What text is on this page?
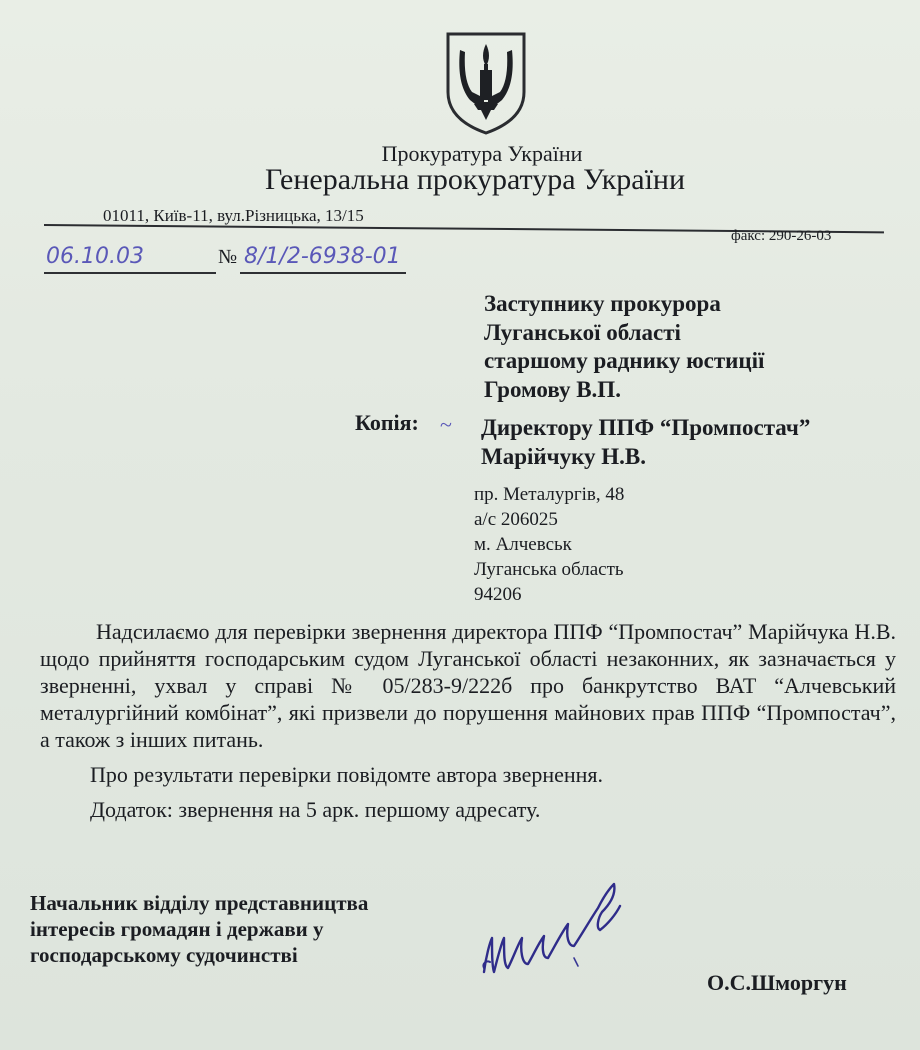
Прокуратура України
Генеральна прокуратура України
01011, Київ-11, вул.Різницька, 13/15
факс: 290-26-03
06.10.03	№ 8/1/2-6938-01
Заступнику прокурора
Луганської області
старшому раднику юстиції
Громову В.П.
Копія: ~ Директору ППФ “Промпостач”
Марійчуку Н.В.
пр. Металургів, 48
а/с 206025
м. Алчевськ
Луганська область
94206

Надсилаємо для перевірки звернення директора ППФ “Промпостач” Марійчука Н.В. щодо прийняття господарським судом Луганської області незаконних, як зазначається у зверненні, ухвал у справі № 05/283-9/222б про банкрутство ВАТ “Алчевський металургійний комбінат”, які призвели до порушення майнових прав ППФ “Промпостач”, а також з інших питань.

Про результати перевірки повідомте автора звернення.

Додаток: звернення на 5 арк. першому адресату.

Начальник відділу представництва
інтересів громадян і держави у
господарському судочинстві
О.С.Шморгун
